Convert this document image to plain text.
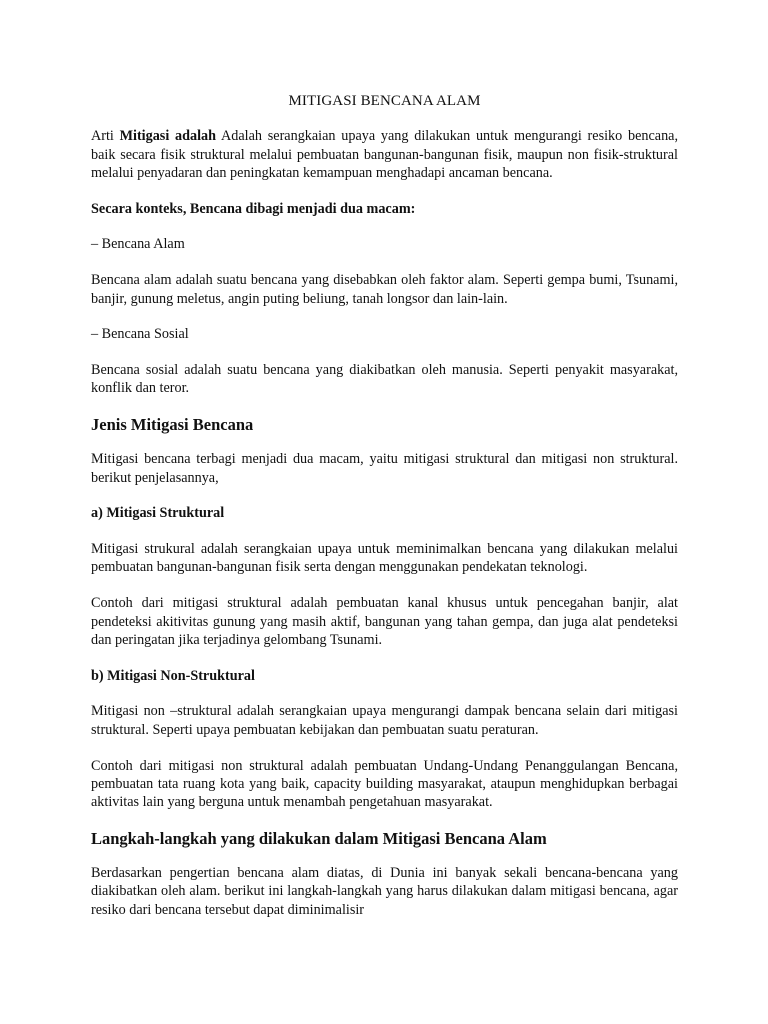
MITIGASI BENCANA ALAM

Arti Mitigasi adalah Adalah serangkaian upaya yang dilakukan untuk mengurangi resiko bencana, baik secara fisik struktural melalui pembuatan bangunan-bangunan fisik, maupun non fisik-struktural melalui penyadaran dan peningkatan kemampuan menghadapi ancaman bencana.

Secara konteks, Bencana dibagi menjadi dua macam:

– Bencana Alam

Bencana alam adalah suatu bencana yang disebabkan oleh faktor alam. Seperti gempa bumi, Tsunami, banjir, gunung meletus, angin puting beliung, tanah longsor dan lain-lain.

– Bencana Sosial

Bencana sosial adalah suatu bencana yang diakibatkan oleh manusia. Seperti penyakit masyarakat, konflik dan teror.

Jenis Mitigasi Bencana

Mitigasi bencana terbagi menjadi dua macam, yaitu mitigasi struktural dan mitigasi non struktural. berikut penjelasannya,

a) Mitigasi Struktural

Mitigasi strukural adalah serangkaian upaya untuk meminimalkan bencana yang dilakukan melalui pembuatan bangunan-bangunan fisik serta dengan menggunakan pendekatan teknologi.

Contoh dari mitigasi struktural adalah pembuatan kanal khusus untuk pencegahan banjir, alat pendeteksi akitivitas gunung yang masih aktif, bangunan yang tahan gempa, dan juga alat pendeteksi dan peringatan jika terjadinya gelombang Tsunami.

b) Mitigasi Non-Struktural

Mitigasi non –struktural adalah serangkaian upaya mengurangi dampak bencana selain dari mitigasi struktural. Seperti upaya pembuatan kebijakan dan pembuatan suatu peraturan.

Contoh dari mitigasi non struktural adalah pembuatan Undang-Undang Penanggulangan Bencana, pembuatan tata ruang kota yang baik, capacity building masyarakat, ataupun menghidupkan berbagai aktivitas lain yang berguna untuk menambah pengetahuan masyarakat.

Langkah-langkah yang dilakukan dalam Mitigasi Bencana Alam

Berdasarkan pengertian bencana alam diatas, di Dunia ini banyak sekali bencana-bencana yang diakibatkan oleh alam. berikut ini langkah-langkah yang harus dilakukan dalam mitigasi bencana, agar resiko dari bencana tersebut dapat diminimalisir
